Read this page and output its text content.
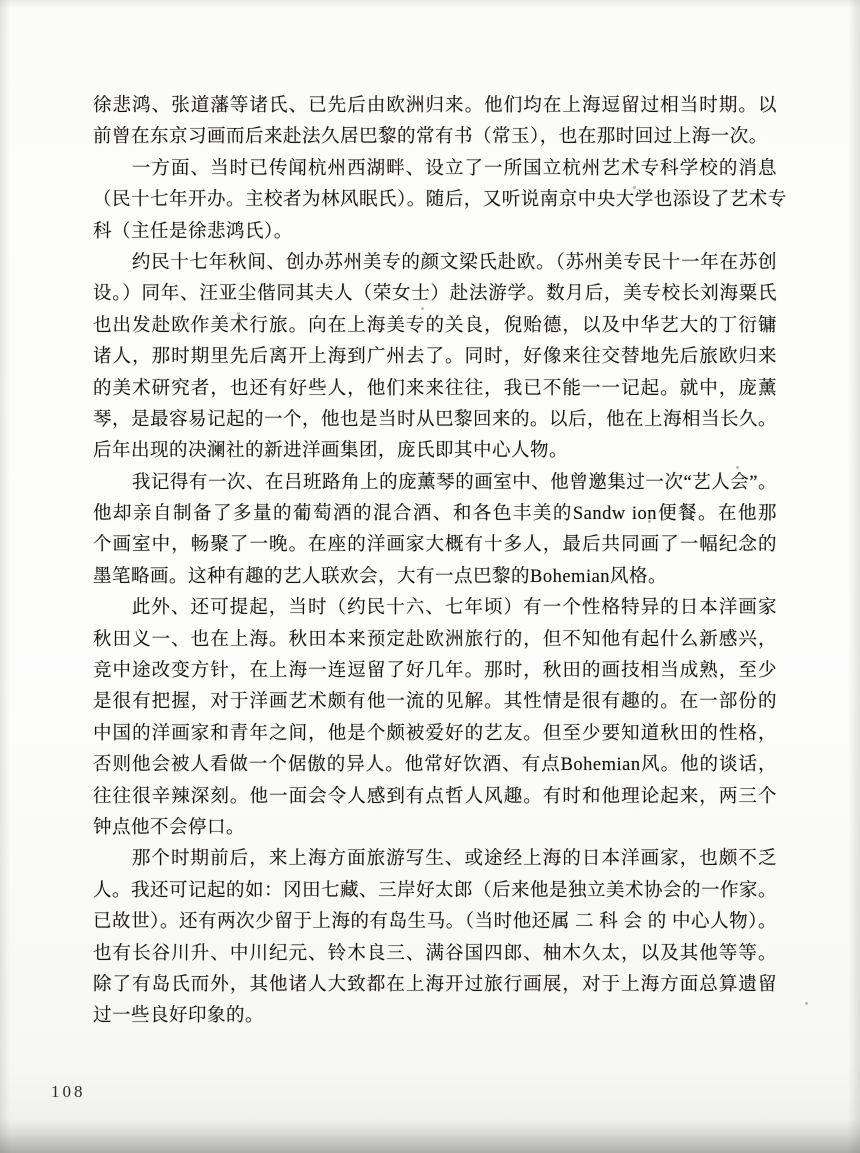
徐悲鸿、张道藩等诸氏、已先后由欧洲归来。他们均在上海逗留过相当时期。以
前曾在东京习画而后来赴法久居巴黎的常有书（常玉），也在那时回过上海一次。
一方面、当时已传闻杭州西湖畔、设立了一所国立杭州艺术专科学校的消息
（民十七年开办。主校者为林风眠氏）。随后，又听说南京中央大学也添设了艺术专
科（主任是徐悲鸿氏）。
约民十七年秋间、创办苏州美专的颜文梁氏赴欧。（苏州美专民十一年在苏创
设。）同年、汪亚尘偕同其夫人（荣女士）赴法游学。数月后，美专校长刘海粟氏
也出发赴欧作美术行旅。向在上海美专的关良，倪贻德，以及中华艺大的丁衍镛
诸人，那时期里先后离开上海到广州去了。同时，好像来往交替地先后旅欧归来
的美术研究者，也还有好些人，他们来来往往，我已不能一一记起。就中，庞薰
琴，是最容易记起的一个，他也是当时从巴黎回来的。以后，他在上海相当长久。
后年出现的决澜社的新进洋画集团，庞氏即其中心人物。
我记得有一次、在吕班路角上的庞薰琴的画室中、他曾邀集过一次“艺人会”。
他却亲自制备了多量的葡萄酒的混合酒、和各色丰美的Sandw ion便餐。在他那
个画室中，畅聚了一晚。在座的洋画家大概有十多人，最后共同画了一幅纪念的
墨笔略画。这种有趣的艺人联欢会，大有一点巴黎的Bohemian风格。
此外、还可提起，当时（约民十六、七年顷）有一个性格特异的日本洋画家
秋田义一、也在上海。秋田本来预定赴欧洲旅行的，但不知他有起什么新感兴，
竞中途改变方针，在上海一连逗留了好几年。那时，秋田的画技相当成熟，至少
是很有把握，对于洋画艺术颇有他一流的见解。其性情是很有趣的。在一部份的
中国的洋画家和青年之间，他是个颇被爱好的艺友。但至少要知道秋田的性格，
否则他会被人看做一个倨傲的异人。他常好饮酒、有点Bohemian风。他的谈话，
往往很辛辣深刻。他一面会令人感到有点哲人风趣。有时和他理论起来，两三个
钟点他不会停口。
那个时期前后，来上海方面旅游写生、或途经上海的日本洋画家，也颇不乏
人。我还可记起的如：冈田七藏、三岸好太郎（后来他是独立美术协会的一作家。
已故世）。还有两次少留于上海的有岛生马。（当时他还属 二 科 会 的 中心人物）。
也有长谷川升、中川纪元、铃木良三、满谷国四郎、柚木久太，以及其他等等。
除了有岛氏而外，其他诸人大致都在上海开过旅行画展，对于上海方面总算遗留
过一些良好印象的。
108
